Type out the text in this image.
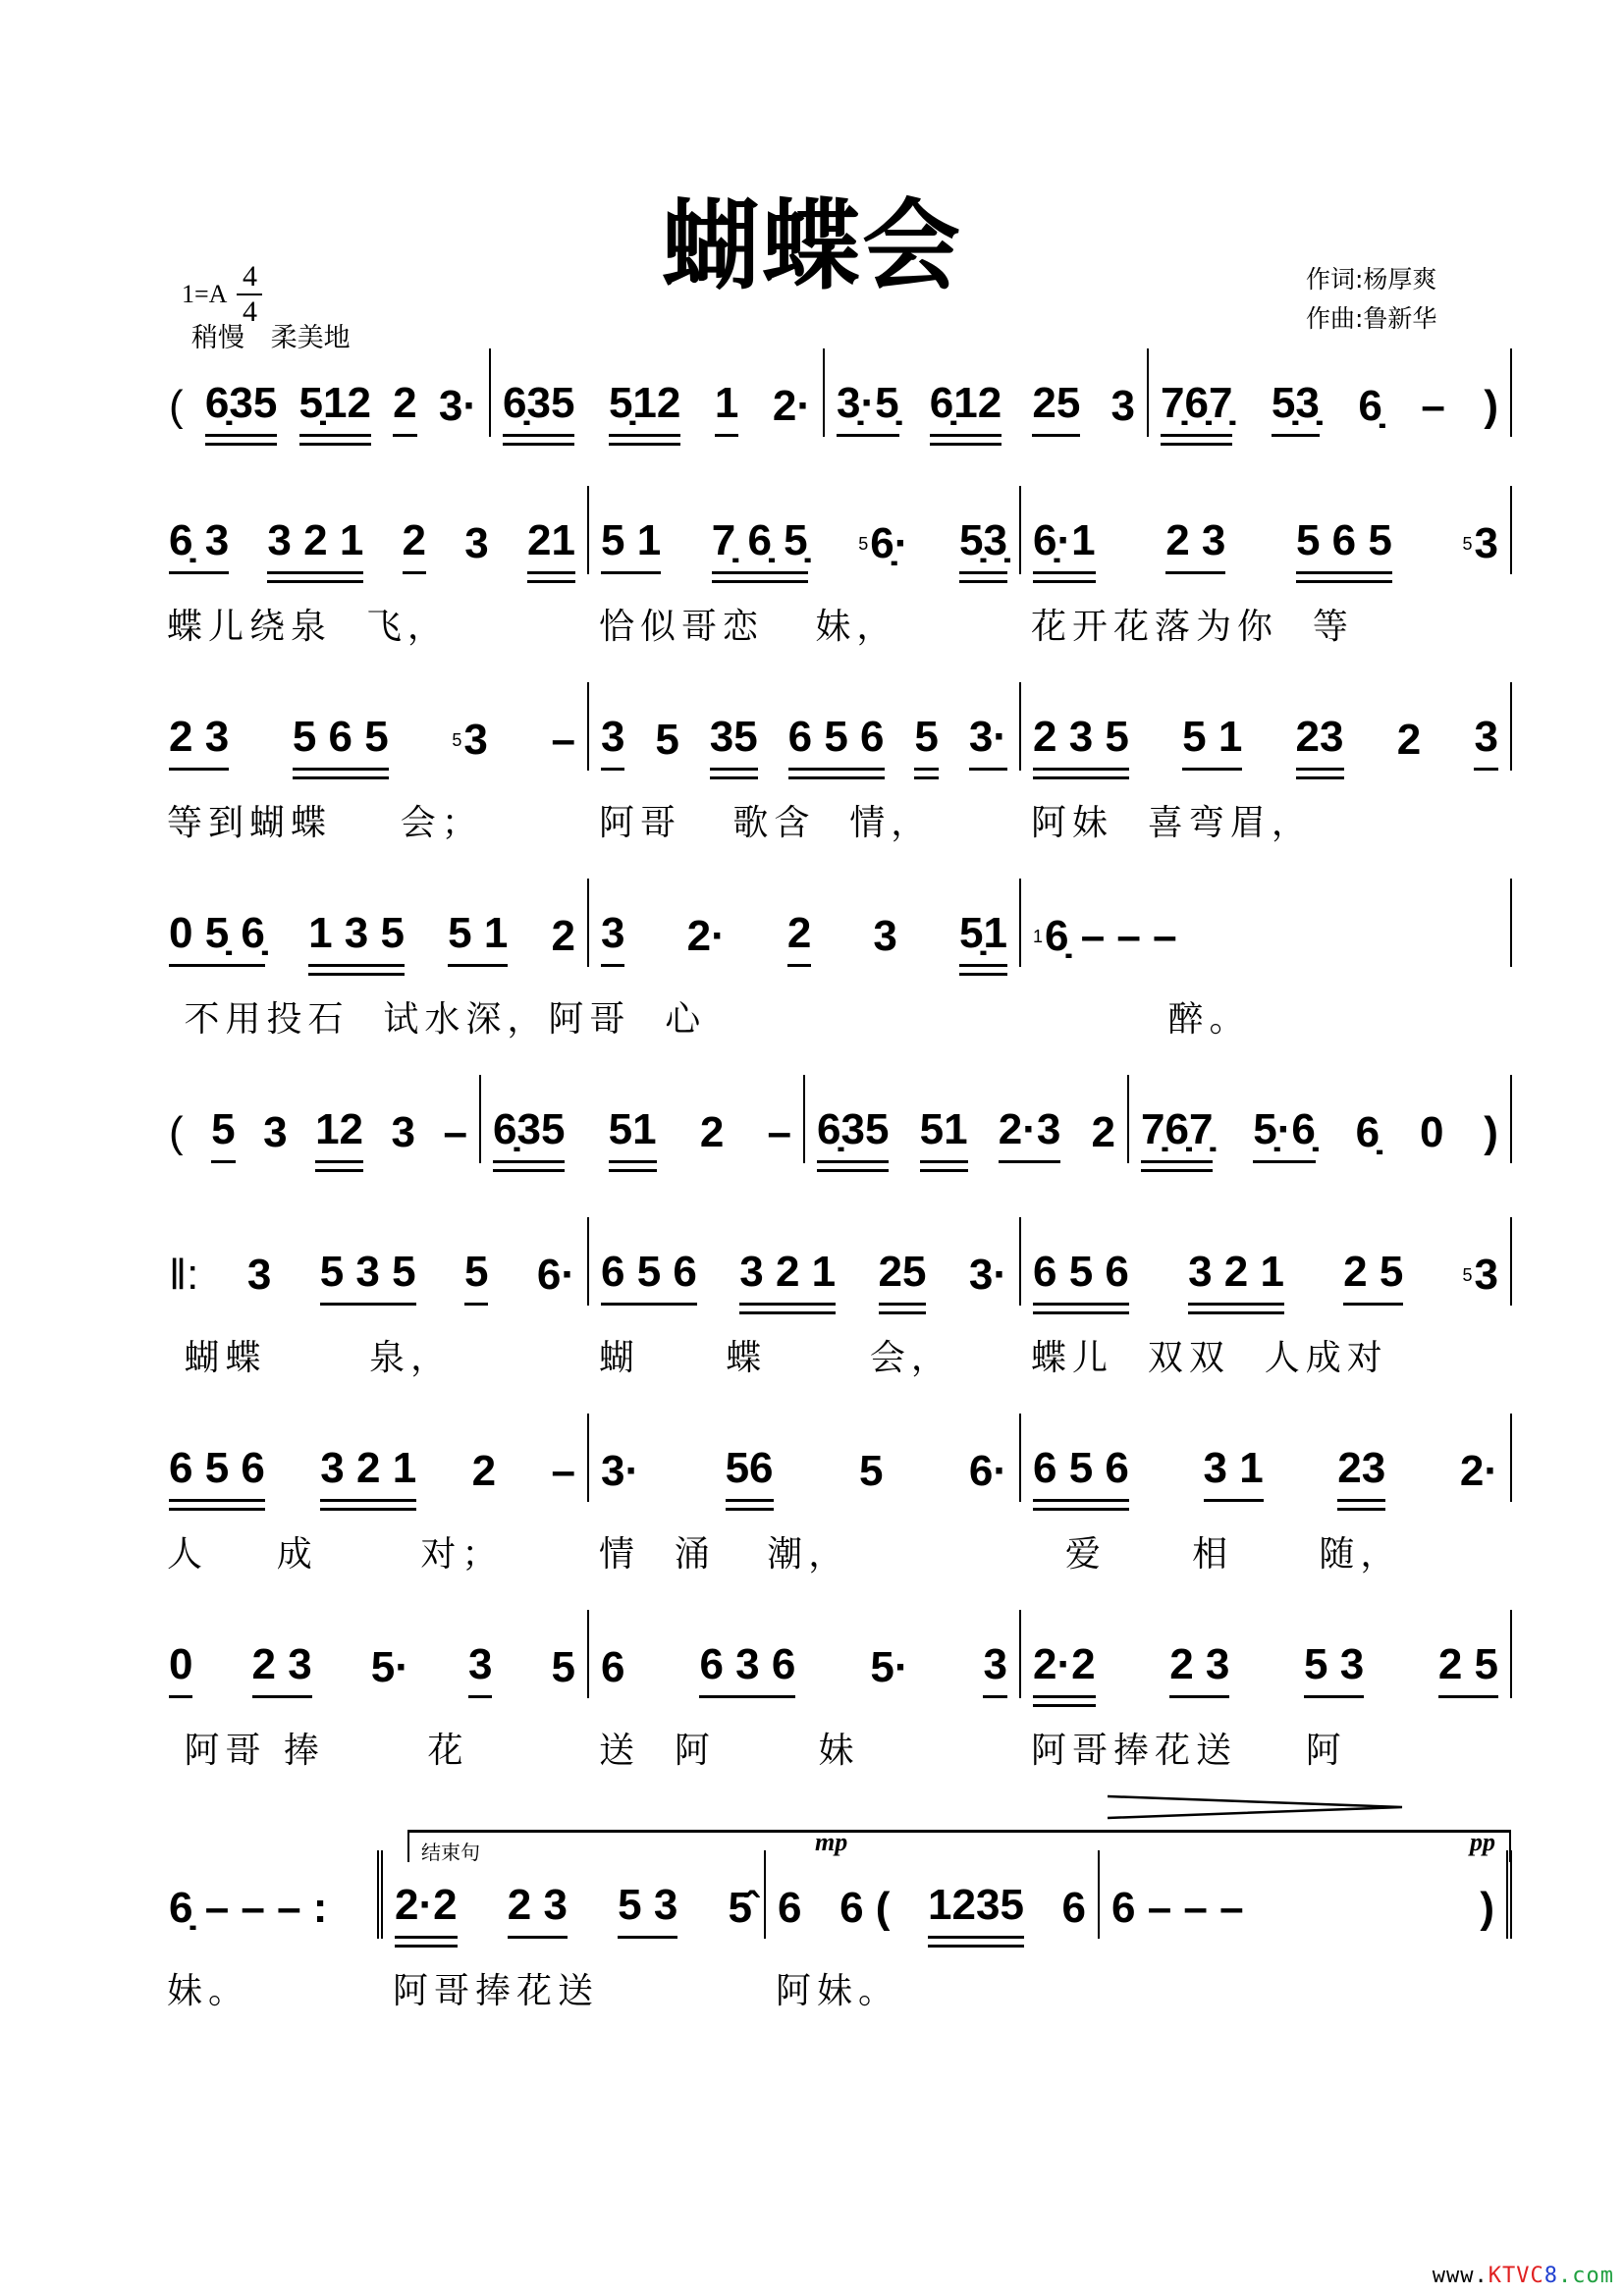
蝴蝶会
$1=A \frac{4}{4}$
稍慢 柔美地
作词:杨厚爽
作曲:鲁新华
( 6̣35 5̣12 2 3· 6̣35 5̣12 1 2· 3̣·5̣ 6̣12 25 3 7̣6̣7̣ 5̣3̣ 6̣ – )
6̣ 3 3 2 1 2 3 21 5 1 7̣ 6̣ 5̣	$^5$6̣· 5̣3̣ 6̣·1 2 3 5 6 5	$^5$3
蝶儿绕泉  飞，	恰似哥恋   妹，	花开花落为你  等
2 3 5 6 5	$^5$3 – 3 5 35 6 5 6 5 3· 2 3 5 5 1 23 2 3
等到蝴蝶    会；	阿哥   歌含  情，	阿妹  喜弯眉，
0 5̣ 6̣ 1 3 5 5 1 2 3 2· 2 3 5̣1 $^1$6̣ – – –
不用投石  试水深，阿哥  心	醉。
( 5 3 12 3 – 6̣35 51 2 – 6̣35 51 2·3 2 7̣6̣7̣ 5̣·6̣ 6̣ 0 )
‖: 3 5 3 5 5 6· 6 5 6 3 2 1 25 3· 6 5 6 3 2 1 2 5	$^5$3
蝴蝶      泉，	蝴     蝶      会，	蝶儿  双双  人成对
6 5 6 3 2 1 2 – 3· 56 5 6· 6 5 6 3 1 23 2·
人    成      对；	情  涌   潮，	爱     相     随，
0 2 3 5· 3 5 6 6 3 6 5· 3 2·2 2 3 5 3 2 5
阿哥 捧      花	送  阿      妹	阿哥捧花送    阿
6̣ – – – : 2·2 2 3 5 3 5̂ 6 6 ( 1235 6 6 – – –	)
妹。	阿哥捧花送	阿妹。
结束句	mp	pp
www.KTVC8.com
